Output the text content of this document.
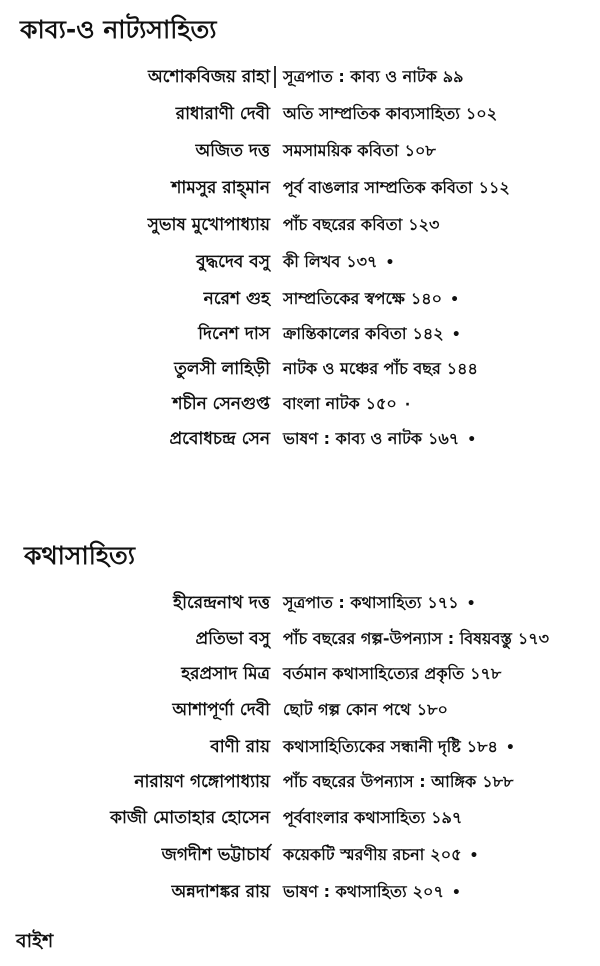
কাব্য-ও নাট্যসাহিত্য
অশোকবিজয় রাহা সূত্রপাত : কাব্য ও নাটক ৯৯
রাধারাণী দেবী অতি সাম্প্রতিক কাব্যসাহিত্য ১০২
অজিত দত্ত সমসাময়িক কবিতা ১০৮
শামসুর রাহ্‌মান পূর্ব বাঙলার সাম্প্রতিক কবিতা ১১২
সুভাষ মুখোপাধ্যায় পাঁচ বছরের কবিতা ১২৩
বুদ্ধদেব বসু কী লিখব ১৩৭ •
নরেশ গুহ সাম্প্রতিকের স্বপক্ষে ১৪০ •
দিনেশ দাস ক্রান্তিকালের কবিতা ১৪২ •
তুলসী লাহিড়ী নাটক ও মঞ্চের পাঁচ বছর ১৪৪
শচীন সেনগুপ্ত বাংলা নাটক ১৫০ ·
প্রবোধচন্দ্র সেন ভাষণ : কাব্য ও নাটক ১৬৭ •
কথাসাহিত্য
হীরেন্দ্রনাথ দত্ত সূত্রপাত : কথাসাহিত্য ১৭১ •
প্রতিভা বসু পাঁচ বছরের গল্প-উপন্যাস : বিষয়বস্তু ১৭৩
হরপ্রসাদ মিত্র বর্তমান কথাসাহিত্যের প্রকৃতি ১৭৮
আশাপূর্ণা দেবী ছোট গল্প কোন পথে ১৮০
বাণী রায় কথাসাহিত্যিকের সন্ধানী দৃষ্টি ১৮৪ •
নারায়ণ গঙ্গোপাধ্যায় পাঁচ বছরের উপন্যাস : আঙ্গিক ১৮৮
কাজী মোতাহার হোসেন পূর্ববাংলার কথাসাহিত্য ১৯৭
জগদীশ ভট্টাচার্য কয়েকটি স্মরণীয় রচনা ২০৫ •
অন্নদাশঙ্কর রায় ভাষণ : কথাসাহিত্য ২০৭ •
বাইশ
